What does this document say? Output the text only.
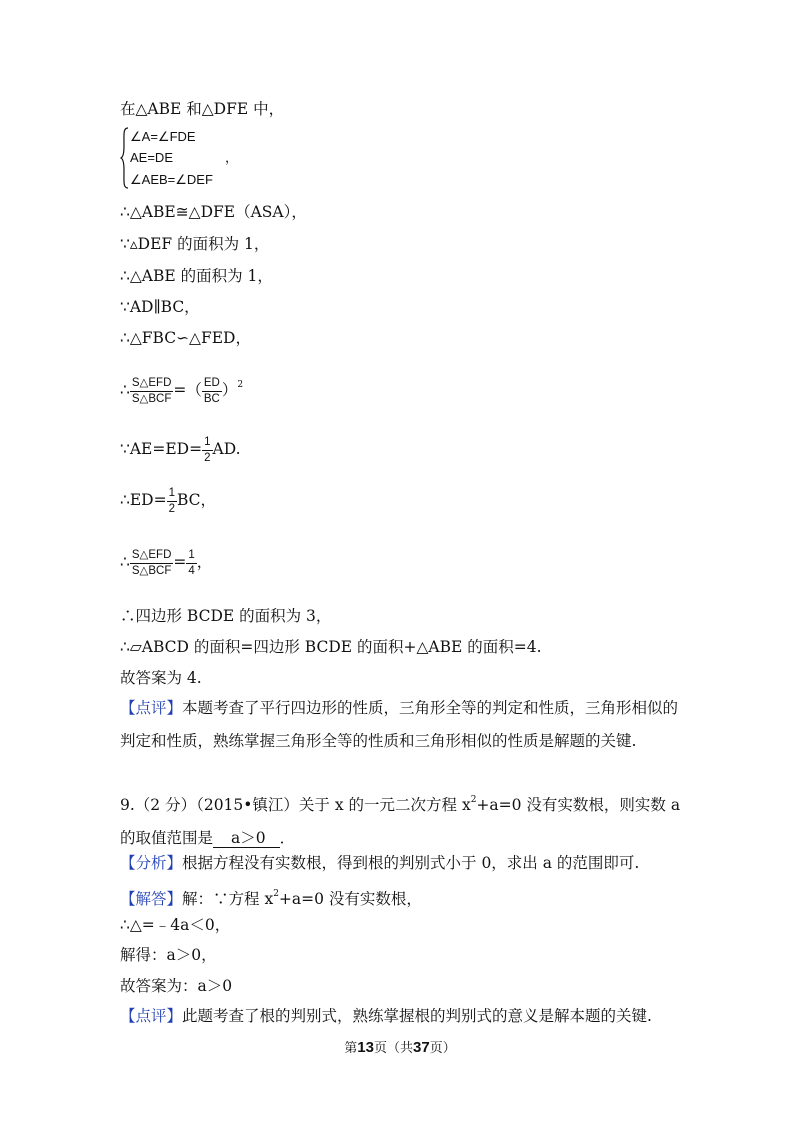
在△ABE 和△DFE 中，
∠A=∠FDE
AE=DE	，
∠AEB=∠DEF
∴△ABE≅△DFE（ASA），
∵▵DEF 的面积为 1，
∴△ABE 的面积为 1，
∵AD∥BC，
∴△FBC∽△FED，
∴ $\frac{\text{S△EFD}}{\text{S△BCF}}$ =（ $\frac{ED}{BC} )^2$
∵AE=ED= $\frac{1}{2}$ AD.
∴ED= $\frac{1}{2}$ BC，
∴ $\frac{\text{S△EFD}}{\text{S△BCF}} = \frac{1}{4}$ ，
∴四边形 BCDE 的面积为 3，
∴▱ABCD 的面积=四边形 BCDE 的面积+△ABE 的面积=4.
故答案为 4.
【点评】本题考查了平行四边形的性质，三角形全等的判定和性质，三角形相似的判定和性质，熟练掌握三角形全等的性质和三角形相似的性质是解题的关键.
9.（2 分）（2015•镇江）关于 x 的一元二次方程 $x^2+a=0$ 没有实数根，则实数 a 的取值范围是 a＞0 ．
【分析】根据方程没有实数根，得到根的判别式小于 0，求出 a 的范围即可.
【解答】解：∵方程 $x^2+a=0$ 没有实数根，
∴△=﹣4a＜0，
解得：a＞0，
故答案为：a＞0
【点评】此题考查了根的判别式，熟练掌握根的判别式的意义是解本题的关键.
第13页（共37页）
